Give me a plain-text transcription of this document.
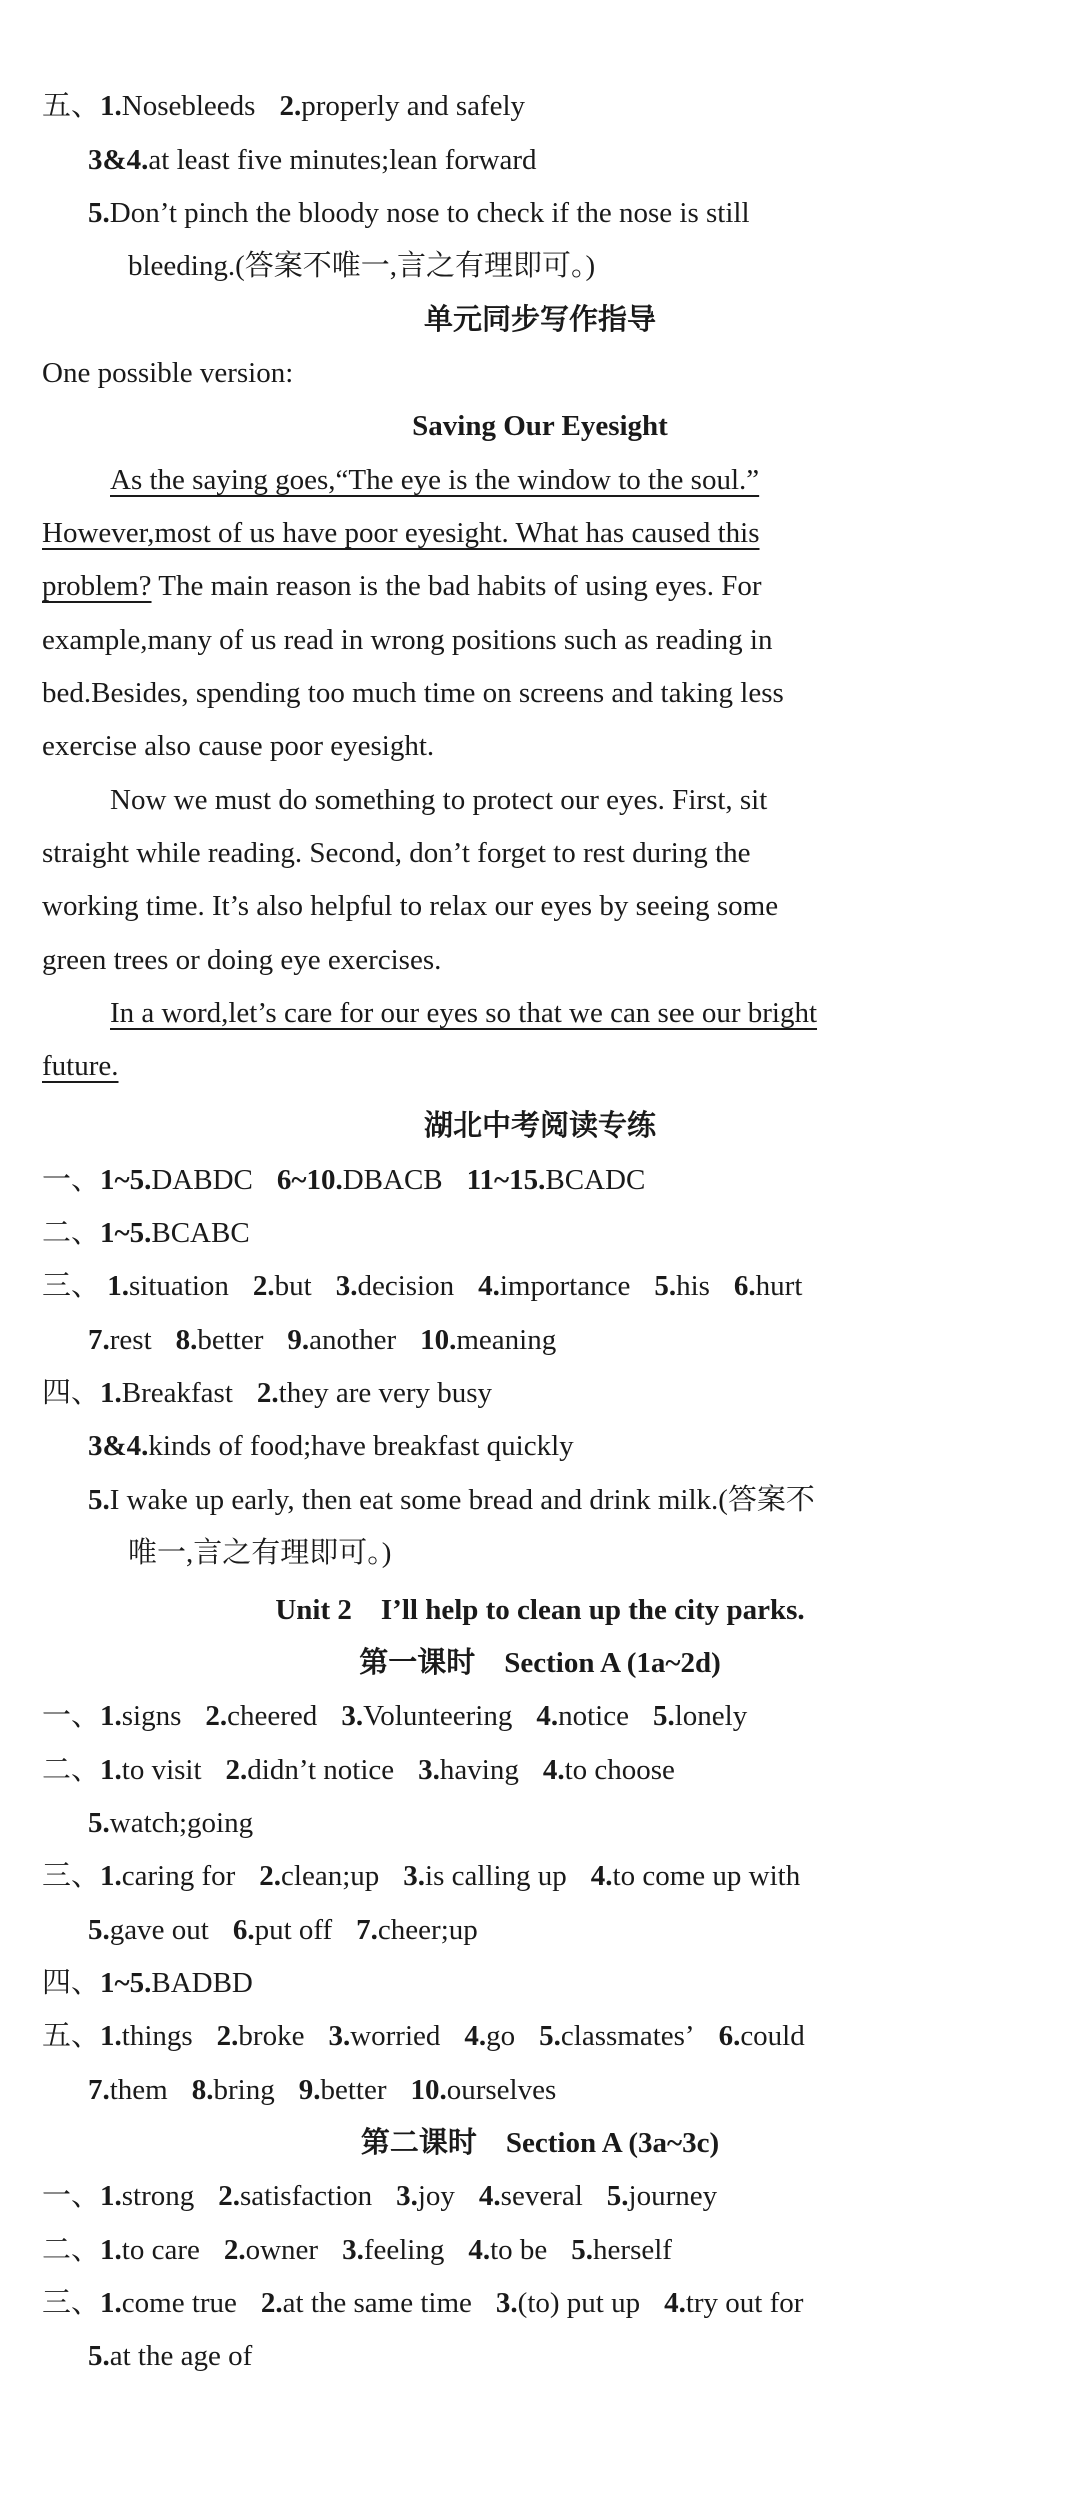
五、1.Nosebleeds 2.properly and safely
3&4.at least five minutes;lean forward
5.Don’t pinch the bloody nose to check if the nose is still
bleeding.(答案不唯一,言之有理即可。)
单元同步写作指导
One possible version:
Saving Our Eyesight
As the saying goes,“The eye is the window to the soul.”
However,most of us have poor eyesight. What has caused this
problem? The main reason is the bad habits of using eyes. For
example,many of us read in wrong positions such as reading in
bed.Besides, spending too much time on screens and taking less
exercise also cause poor eyesight.
Now we must do something to protect our eyes. First, sit
straight while reading. Second, don’t forget to rest during the
working time. It’s also helpful to relax our eyes by seeing some
green trees or doing eye exercises.
In a word,let’s care for our eyes so that we can see our bright
future.
湖北中考阅读专练
一、1~5.DABDC 6~10.DBACB 11~15.BCADC
二、1~5.BCABC
三、 1.situation 2.but 3.decision 4.importance 5.his 6.hurt
7.rest 8.better 9.another 10.meaning
四、1.Breakfast 2.they are very busy
3&4.kinds of food;have breakfast quickly
5.I wake up early, then eat some bread and drink milk.(答案不
唯一,言之有理即可。)
Unit 2    I’ll help to clean up the city parks.
第一课时    Section A (1a~2d)
一、1.signs 2.cheered 3.Volunteering 4.notice 5.lonely
二、1.to visit 2.didn’t notice 3.having 4.to choose
5.watch;going
三、1.caring for 2.clean;up 3.is calling up 4.to come up with
5.gave out 6.put off 7.cheer;up
四、1~5.BADBD
五、1.things 2.broke 3.worried 4.go 5.classmates’ 6.could
7.them 8.bring 9.better 10.ourselves
第二课时    Section A (3a~3c)
一、1.strong 2.satisfaction 3.joy 4.several 5.journey
二、1.to care 2.owner 3.feeling 4.to be 5.herself
三、1.come true 2.at the same time 3.(to) put up 4.try out for
5.at the age of
